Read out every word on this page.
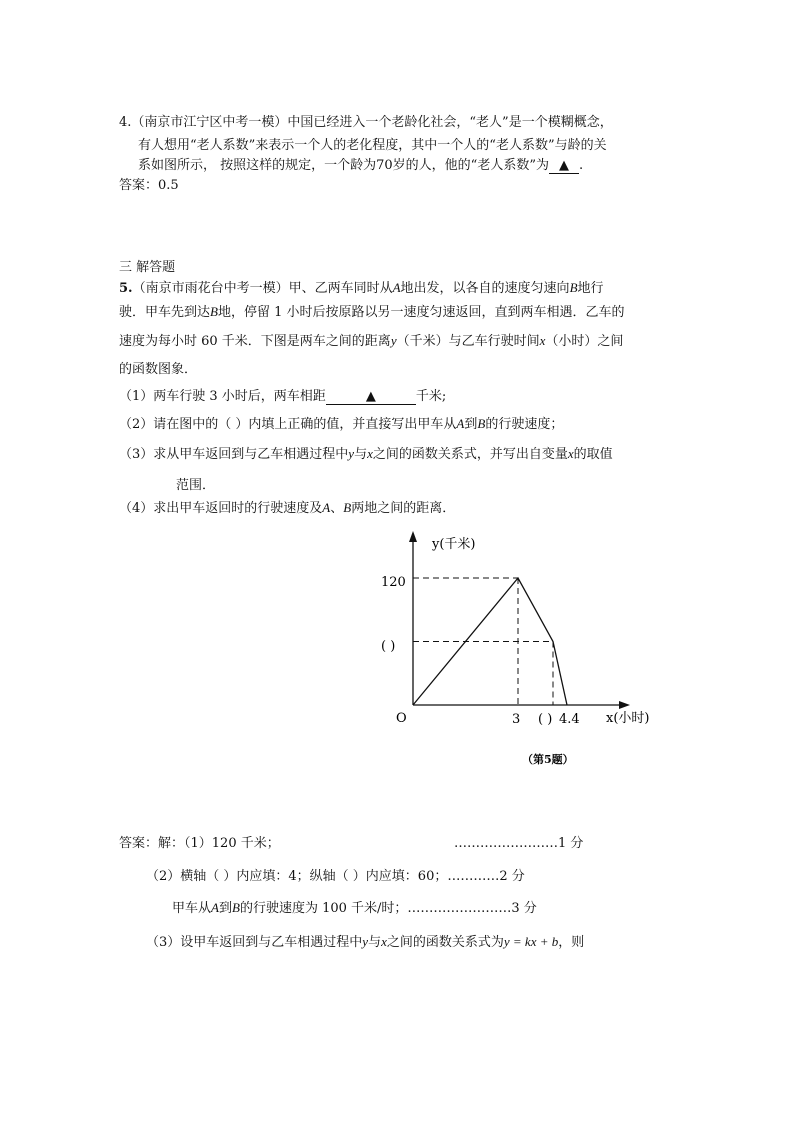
4.（南京市江宁区中考一模）中国已经进入一个老龄化社会，“老人”是一个模糊概念，
有人想用“老人系数”来表示一个人的老化程度，其中一个人的“老人系数”与龄的关
系如图所示， 按照这样的规定，一个龄为70岁的人，他的“老人系数”为 ▲ .
答案：0.5
三 解答题
5.（南京市雨花台中考一模）甲、乙两车同时从A地出发，以各自的速度匀速向B地行
驶．甲车先到达B地，停留 1 小时后按原路以另一速度匀速返回，直到两车相遇．乙车的
速度为每小时 60 千米．下图是两车之间的距离y（千米）与乙车行驶时间x（小时）之间
的函数图象．
（1）两车行驶 3 小时后，两车相距	▲	千米;
（2）请在图中的（ ）内填上正确的值，并直接写出甲车从A到B的行驶速度；
（3）求从甲车返回到与乙车相遇过程中y与x之间的函数关系式，并写出自变量x的取值
范围．
（4）求出甲车返回时的行驶速度及A、B两地之间的距离．
y(千米)
x(小时)
O
120
( )
3 ( ) 4.4
（第5题）
答案：解：（1）120 千米；	……………………1 分
（2）横轴（ ）内应填：4；纵轴（ ）内应填：60；…………2 分
甲车从A到B的行驶速度为 100 千米/时；……………………3 分
（3）设甲车返回到与乙车相遇过程中y与x之间的函数关系式为y = kx + b，则
